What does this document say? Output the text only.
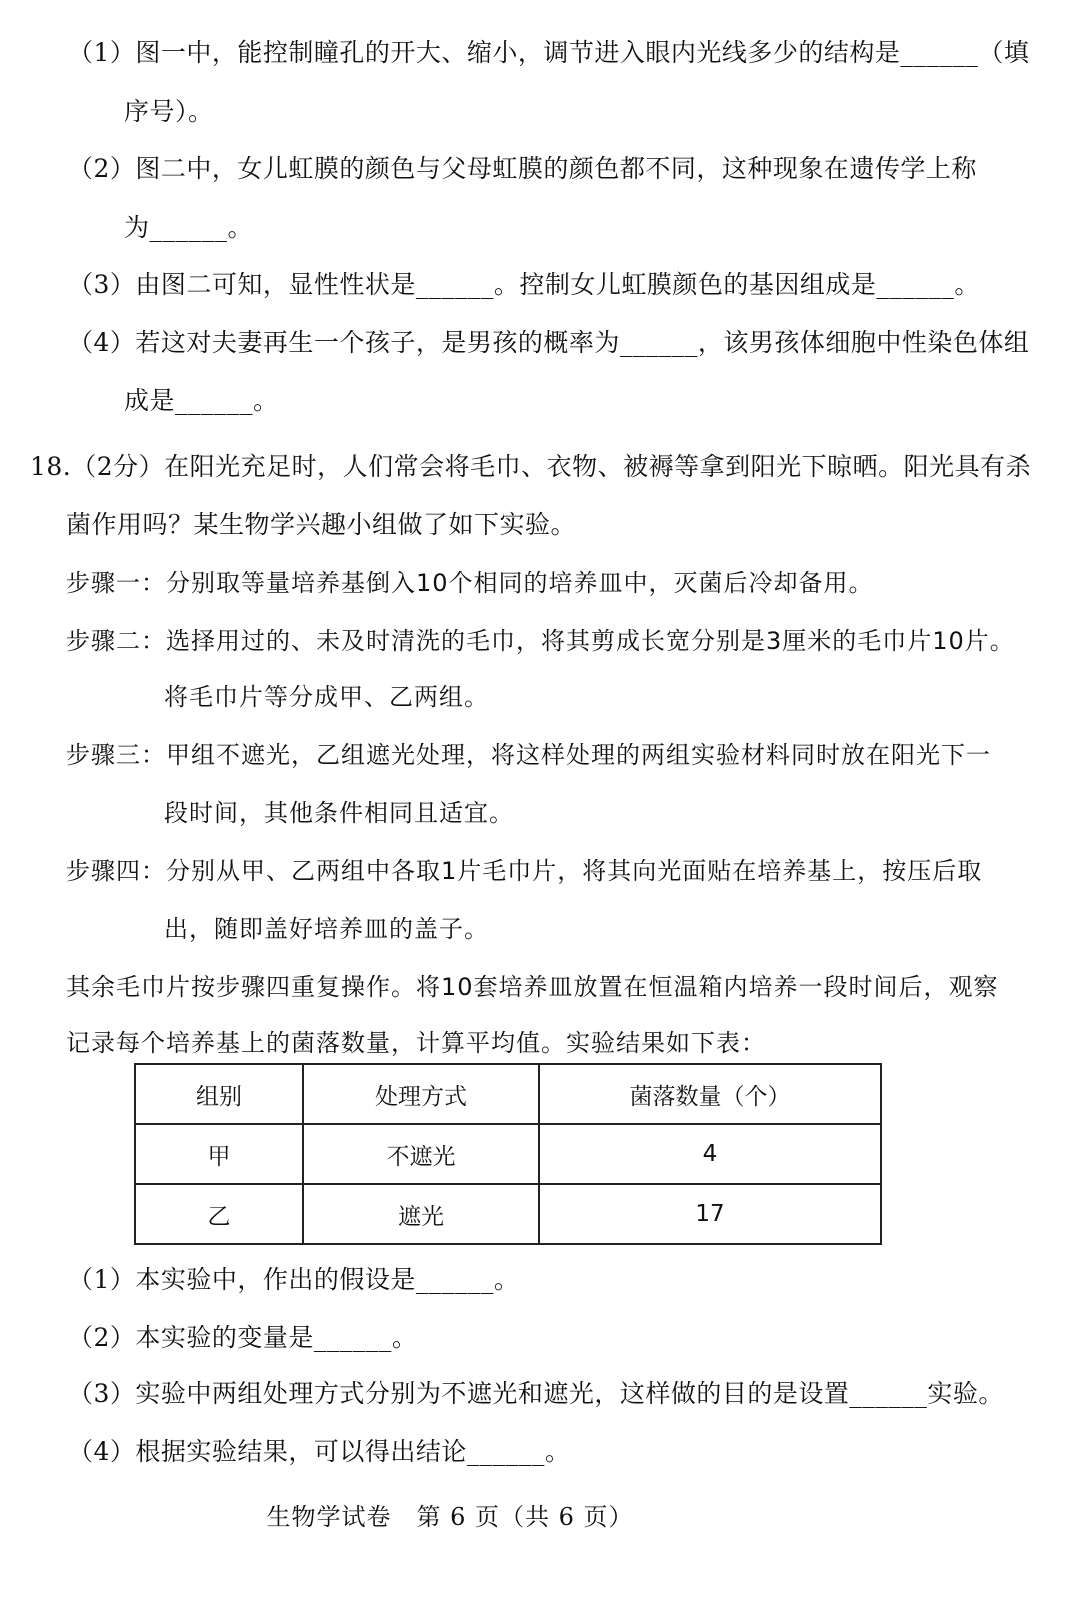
（1）图一中，能控制瞳孔的开大、缩小，调节进入眼内光线多少的结构是______（填
序号）。
（2）图二中，女儿虹膜的颜色与父母虹膜的颜色都不同，这种现象在遗传学上称
为______。
（3）由图二可知，显性性状是______。控制女儿虹膜颜色的基因组成是______。
（4）若这对夫妻再生一个孩子，是男孩的概率为______，该男孩体细胞中性染色体组
成是______。
18.（2分）在阳光充足时，人们常会将毛巾、衣物、被褥等拿到阳光下晾晒。阳光具有杀
菌作用吗？某生物学兴趣小组做了如下实验。
步骤一：分别取等量培养基倒入10个相同的培养皿中，灭菌后冷却备用。
步骤二：选择用过的、未及时清洗的毛巾，将其剪成长宽分别是3厘米的毛巾片10片。
将毛巾片等分成甲、乙两组。
步骤三：甲组不遮光，乙组遮光处理，将这样处理的两组实验材料同时放在阳光下一
段时间，其他条件相同且适宜。
步骤四：分别从甲、乙两组中各取1片毛巾片，将其向光面贴在培养基上，按压后取
出，随即盖好培养皿的盖子。
其余毛巾片按步骤四重复操作。将10套培养皿放置在恒温箱内培养一段时间后，观察
记录每个培养基上的菌落数量，计算平均值。实验结果如下表：
组别	处理方式	菌落数量（个）
甲	不遮光	4
乙	遮光	17
（1）本实验中，作出的假设是______。
（2）本实验的变量是______。
（3）实验中两组处理方式分别为不遮光和遮光，这样做的目的是设置______实验。
（4）根据实验结果，可以得出结论______。
生物学试卷　第 6 页（共 6 页）
